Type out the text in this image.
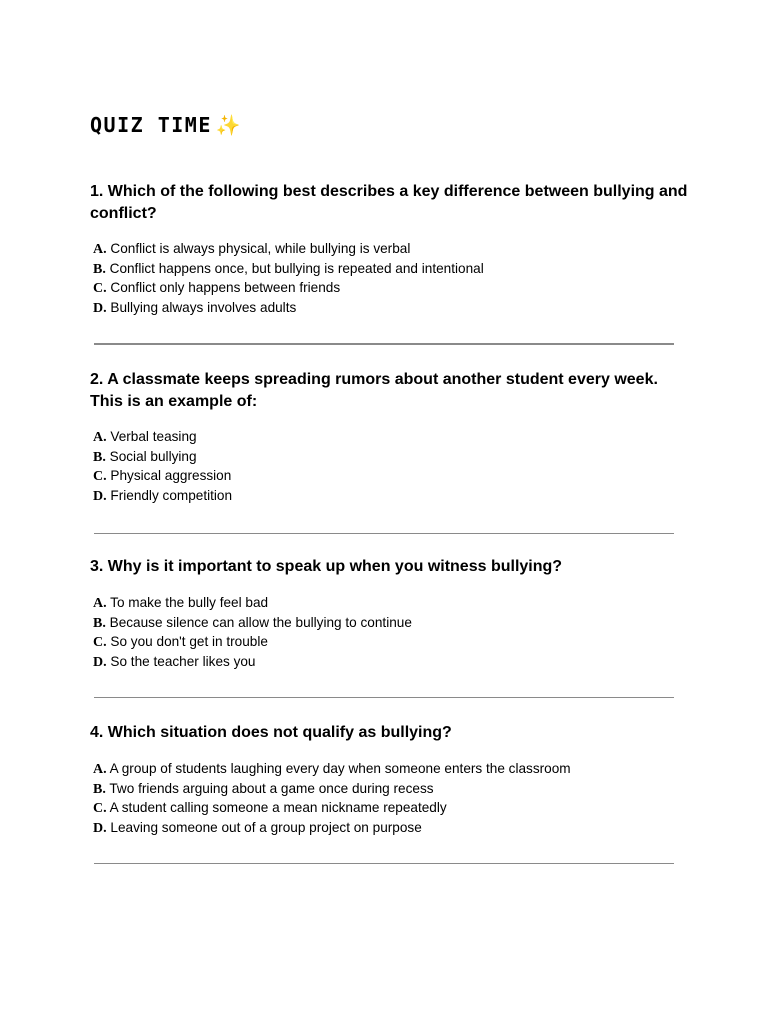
QUIZ TIME ✨

1. Which of the following best describes a key difference between bullying and conflict?

A. Conflict is always physical, while bullying is verbal
B. Conflict happens once, but bullying is repeated and intentional
C. Conflict only happens between friends
D. Bullying always involves adults

2. A classmate keeps spreading rumors about another student every week. This is an example of:

A. Verbal teasing
B. Social bullying
C. Physical aggression
D. Friendly competition

3. Why is it important to speak up when you witness bullying?

A. To make the bully feel bad
B. Because silence can allow the bullying to continue
C. So you don't get in trouble
D. So the teacher likes you

4. Which situation does not qualify as bullying?

A. A group of students laughing every day when someone enters the classroom
B. Two friends arguing about a game once during recess
C. A student calling someone a mean nickname repeatedly
D. Leaving someone out of a group project on purpose
